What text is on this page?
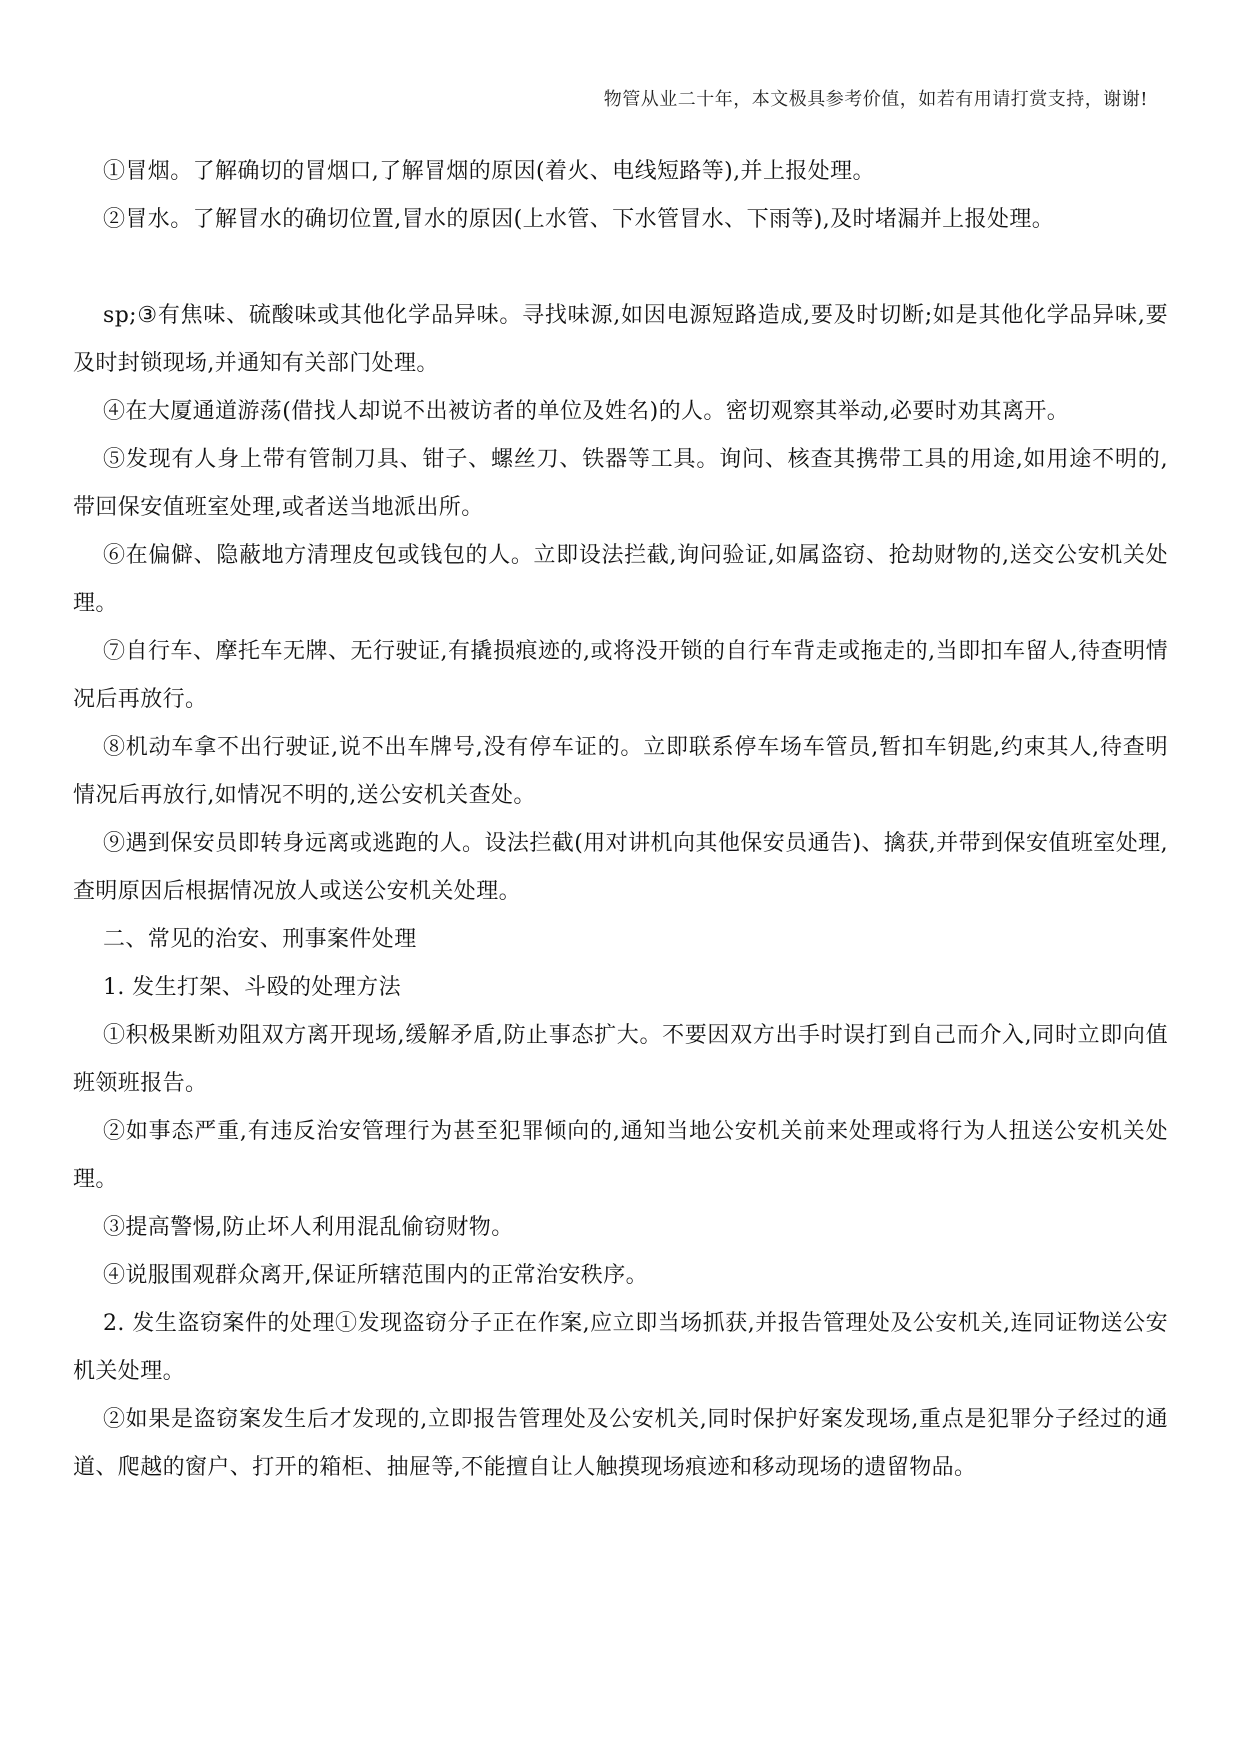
物管从业二十年，本文极具参考价值，如若有用请打赏支持，谢谢!

①冒烟。了解确切的冒烟口,了解冒烟的原因(着火、电线短路等),并上报处理。

②冒水。了解冒水的确切位置,冒水的原因(上水管、下水管冒水、下雨等),及时堵漏并上报处理。

sp;③有焦味、硫酸味或其他化学品异味。寻找味源,如因电源短路造成,要及时切断;如是其他化学品异味,要及时封锁现场,并通知有关部门处理。

④在大厦通道游荡(借找人却说不出被访者的单位及姓名)的人。密切观察其举动,必要时劝其离开。

⑤发现有人身上带有管制刀具、钳子、螺丝刀、铁器等工具。询问、核查其携带工具的用途,如用途不明的,带回保安值班室处理,或者送当地派出所。

⑥在偏僻、隐蔽地方清理皮包或钱包的人。立即设法拦截,询问验证,如属盗窃、抢劫财物的,送交公安机关处理。

⑦自行车、摩托车无牌、无行驶证,有撬损痕迹的,或将没开锁的自行车背走或拖走的,当即扣车留人,待查明情况后再放行。

⑧机动车拿不出行驶证,说不出车牌号,没有停车证的。立即联系停车场车管员,暂扣车钥匙,约束其人,待查明情况后再放行,如情况不明的,送公安机关查处。

⑨遇到保安员即转身远离或逃跑的人。设法拦截(用对讲机向其他保安员通告)、擒获,并带到保安值班室处理,查明原因后根据情况放人或送公安机关处理。

二、常见的治安、刑事案件处理

1. 发生打架、斗殴的处理方法

①积极果断劝阻双方离开现场,缓解矛盾,防止事态扩大。不要因双方出手时误打到自己而介入,同时立即向值班领班报告。

②如事态严重,有违反治安管理行为甚至犯罪倾向的,通知当地公安机关前来处理或将行为人扭送公安机关处理。

③提高警惕,防止坏人利用混乱偷窃财物。

④说服围观群众离开,保证所辖范围内的正常治安秩序。

2. 发生盗窃案件的处理①发现盗窃分子正在作案,应立即当场抓获,并报告管理处及公安机关,连同证物送公安机关处理。

②如果是盗窃案发生后才发现的,立即报告管理处及公安机关,同时保护好案发现场,重点是犯罪分子经过的通道、爬越的窗户、打开的箱柜、抽屉等,不能擅自让人触摸现场痕迹和移动现场的遗留物品。
